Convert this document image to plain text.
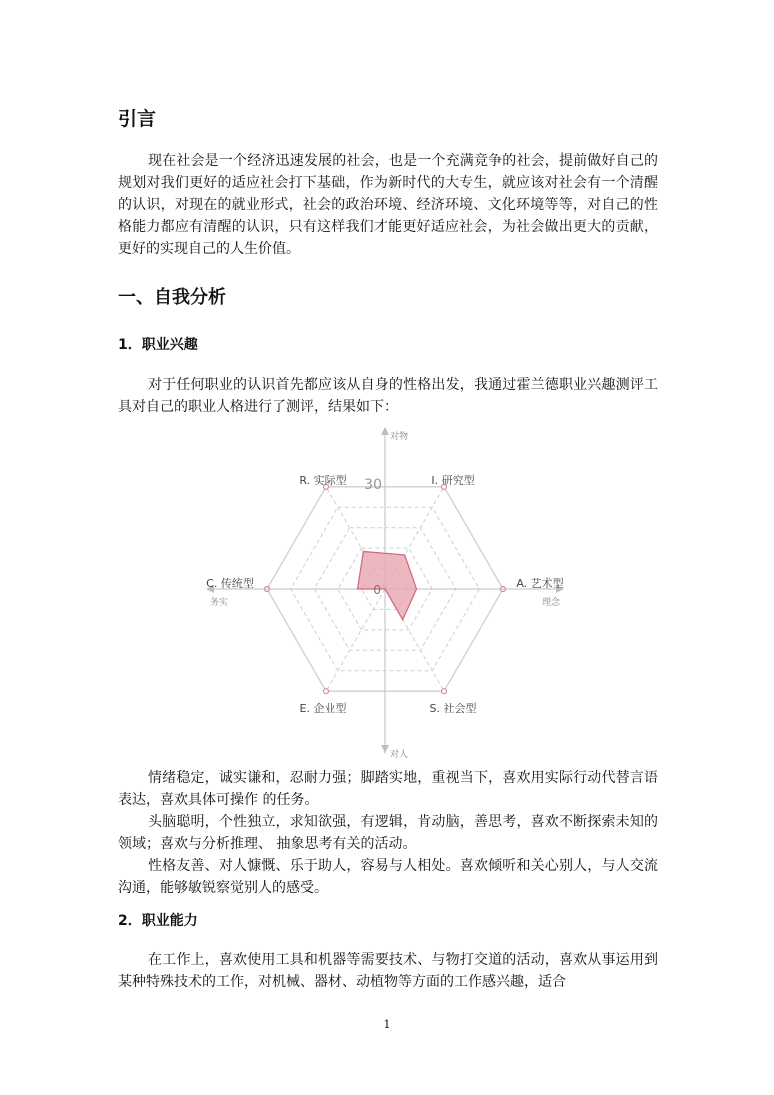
引言

现在社会是一个经济迅速发展的社会，也是一个充满竞争的社会，提前做好自己的规划对我们更好的适应社会打下基础，作为新时代的大专生，就应该对社会有一个清醒的认识，对现在的就业形式，社会的政治环境、经济环境、文化环境等等，对自己的性格能力都应有清醒的认识，只有这样我们才能更好适应社会，为社会做出更大的贡献，更好的实现自己的人生价值。

一、自我分析
1．职业兴趣

对于任何职业的认识首先都应该从自身的性格出发，我通过霍兰德职业兴趣测评工具对自己的职业人格进行了测评，结果如下：

R. 实际型	I. 研究型
A. 艺术型
S. 社会型
E. 企业型
C. 传统型	0
30
对物
对人
务实	理念

情绪稳定，诚实谦和，忍耐力强；脚踏实地，重视当下，喜欢用实际行动代替言语表达，喜欢具体可操作 的任务。

头脑聪明，个性独立，求知欲强，有逻辑，肯动脑，善思考，喜欢不断探索未知的领域；喜欢与分析推理、 抽象思考有关的活动。

性格友善、对人慷慨、乐于助人，容易与人相处。喜欢倾听和关心别人，与人交流沟通，能够敏锐察觉别人的感受。

2．职业能力

在工作上，喜欢使用工具和机器等需要技术、与物打交道的活动，喜欢从事运用到某种特殊技术的工作，对机械、器材、动植物等方面的工作感兴趣，适合

1
